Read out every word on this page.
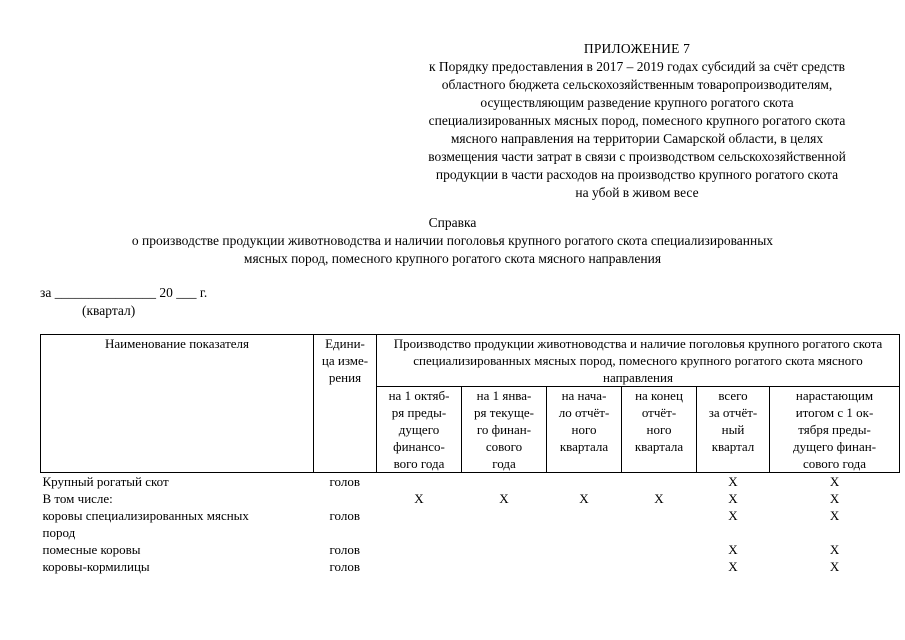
ПРИЛОЖЕНИЕ 7
к Порядку предоставления в 2017 – 2019 годах субсидий за счёт средств
областного бюджета сельскохозяйственным товаропроизводителям,
осуществляющим разведение крупного рогатого скота
специализированных мясных пород, помесного крупного рогатого скота
мясного направления на территории Самарской области, в целях
возмещения части затрат в связи с производством сельскохозяйственной
продукции в части расходов на производство крупного рогатого скота
на убой в живом весе
Справка
о производстве продукции животноводства и наличии поголовья крупного рогатого скота специализированных
мясных пород, помесного крупного рогатого скота мясного направления
за _______________ 20 ___ г.
(квартал)
Наименование показателя	Едини-
ца изме-
рения	Производство продукции животноводства и наличие поголовья крупного рогатого скота специализированных мясных пород, помесного крупного рогатого скота мясного направления					
		на 1 октяб-
ря преды-
дущего
финансо-
вого года	на 1 янва-
ря текуще-
го финан-
сового
года	на нача-
ло отчёт-
ного
квартала	на конец
отчёт-
ного
квартала	всего
за отчёт-
ный
квартал	нарастающим
итогом с 1 ок-
тября преды-
дущего финан-
сового года
Крупный рогатый скот	голов					Х	Х
В том числе:		Х	Х	Х	Х	Х	Х
коровы специализированных мясных
пород	голов					Х	Х
помесные коровы	голов					Х	Х
коровы-кормилицы	голов					Х	Х
